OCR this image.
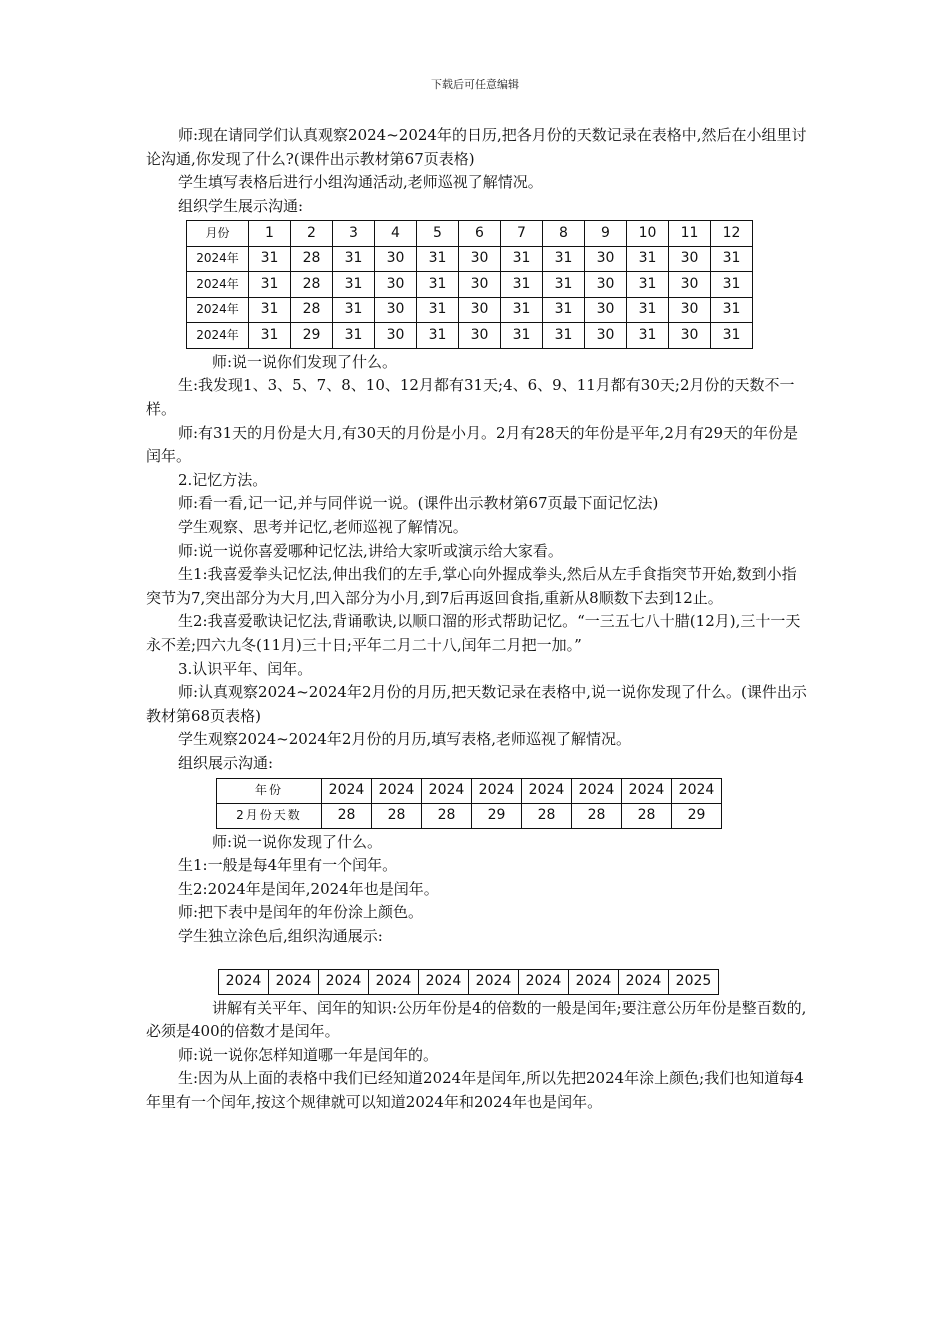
下载后可任意编辑

师:现在请同学们认真观察2024~2024年的日历,把各月份的天数记录在表格中,然后在小组里讨论沟通,你发现了什么?(课件出示教材第67页表格)

学生填写表格后进行小组沟通活动,老师巡视了解情况。

组织学生展示沟通:

月份	1	2	3	4	5	6	7	8	9	10	11	12
2024年	31	28	31	30	31	30	31	31	30	31	30	31
2024年	31	28	31	30	31	30	31	31	30	31	30	31
2024年	31	28	31	30	31	30	31	31	30	31	30	31
2024年	31	29	31	30	31	30	31	31	30	31	30	31

师:说一说你们发现了什么。

生:我发现1、3、5、7、8、10、12月都有31天;4、6、9、11月都有30天;2月份的天数不一样。

师:有31天的月份是大月,有30天的月份是小月。2月有28天的年份是平年,2月有29天的年份是闰年。

2.记忆方法。

师:看一看,记一记,并与同伴说一说。(课件出示教材第67页最下面记忆法)

学生观察、思考并记忆,老师巡视了解情况。

师:说一说你喜爱哪种记忆法,讲给大家听或演示给大家看。

生1:我喜爱拳头记忆法,伸出我们的左手,掌心向外握成拳头,然后从左手食指突节开始,数到小指突节为7,突出部分为大月,凹入部分为小月,到7后再返回食指,重新从8顺数下去到12止。

生2:我喜爱歌诀记忆法,背诵歌诀,以顺口溜的形式帮助记忆。“一三五七八十腊(12月),三十一天永不差;四六九冬(11月)三十日;平年二月二十八,闰年二月把一加。”

3.认识平年、闰年。

师:认真观察2024~2024年2月份的月历,把天数记录在表格中,说一说你发现了什么。(课件出示教材第68页表格)

学生观察2024~2024年2月份的月历,填写表格,老师巡视了解情况。

组织展示沟通:

年份	2024	2024	2024	2024	2024	2024	2024	2024
2月份天数	28	28	28	29	28	28	28	29

师:说一说你发现了什么。

生1:一般是每4年里有一个闰年。

生2:2024年是闰年,2024年也是闰年。

师:把下表中是闰年的年份涂上颜色。

学生独立涂色后,组织沟通展示:

2024	2024	2024	2024	2024	2024	2024	2024	2024	2025

讲解有关平年、闰年的知识:公历年份是4的倍数的一般是闰年;要注意公历年份是整百数的,必须是400的倍数才是闰年。

师:说一说你怎样知道哪一年是闰年的。

生:因为从上面的表格中我们已经知道2024年是闰年,所以先把2024年涂上颜色;我们也知道每4年里有一个闰年,按这个规律就可以知道2024年和2024年也是闰年。
